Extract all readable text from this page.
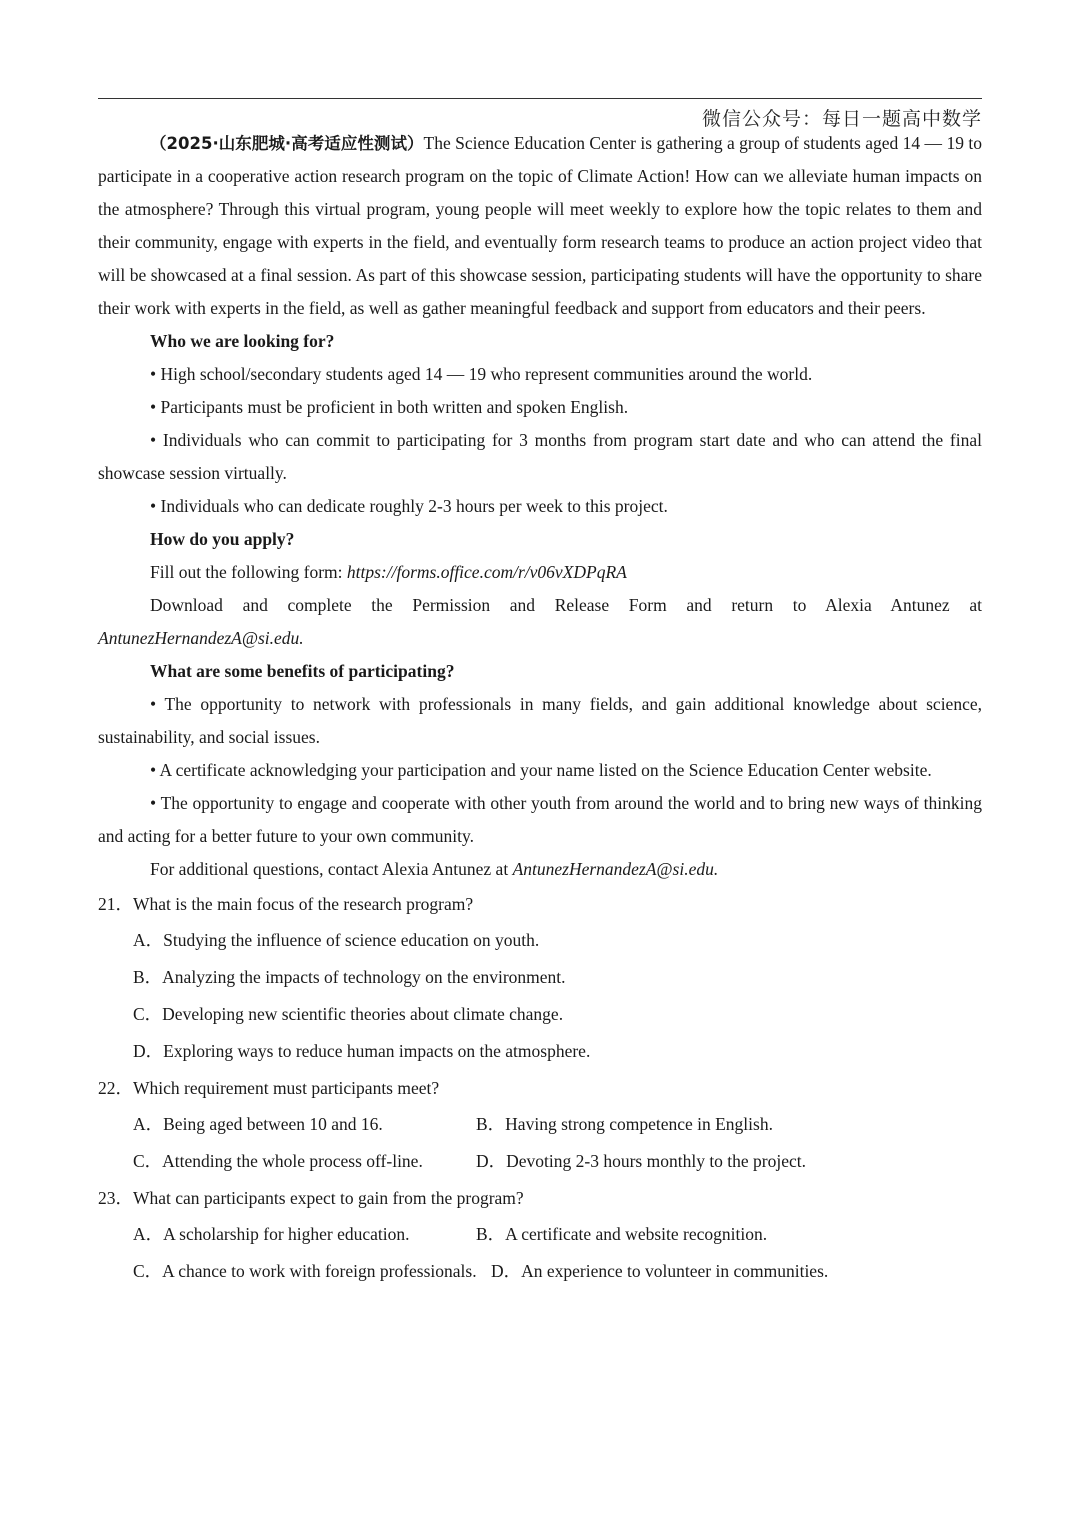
微信公众号：每日一题高中数学

（2025·山东肥城·高考适应性测试）The Science Education Center is gathering a group of students aged 14 — 19 to participate in a cooperative action research program on the topic of Climate Action! How can we alleviate human impacts on the atmosphere? Through this virtual program, young people will meet weekly to explore how the topic relates to them and their community, engage with experts in the field, and eventually form research teams to produce an action project video that will be showcased at a final session. As part of this showcase session, participating students will have the opportunity to share their work with experts in the field, as well as gather meaningful feedback and support from educators and their peers.

Who we are looking for?

• High school/secondary students aged 14 — 19 who represent communities around the world.

• Participants must be proficient in both written and spoken English.

• Individuals who can commit to participating for 3 months from program start date and who can attend the final showcase session virtually.

• Individuals who can dedicate roughly 2-3 hours per week to this project.

How do you apply?

Fill out the following form: https://forms.office.com/r/v06vXDPqRA

Download and complete the Permission and Release Form and return to Alexia Antunez at AntunezHernandezA@si.edu.

What are some benefits of participating?

• The opportunity to network with professionals in many fields, and gain additional knowledge about science, sustainability, and social issues.

• A certificate acknowledging your participation and your name listed on the Science Education Center website.

• The opportunity to engage and cooperate with other youth from around the world and to bring new ways of thinking and acting for a better future to your own community.

For additional questions, contact Alexia Antunez at AntunezHernandezA@si.edu.

21．What is the main focus of the research program?

A．Studying the influence of science education on youth.

B．Analyzing the impacts of technology on the environment.

C．Developing new scientific theories about climate change.

D．Exploring ways to reduce human impacts on the atmosphere.

22．Which requirement must participants meet?

A．Being aged between 10 and 16.	B．Having strong competence in English.
C．Attending the whole process off-line.	D．Devoting 2-3 hours monthly to the project.

23．What can participants expect to gain from the program?

A．A scholarship for higher education.	B．A certificate and website recognition.
C．A chance to work with foreign professionals. D．An experience to volunteer in communities.
